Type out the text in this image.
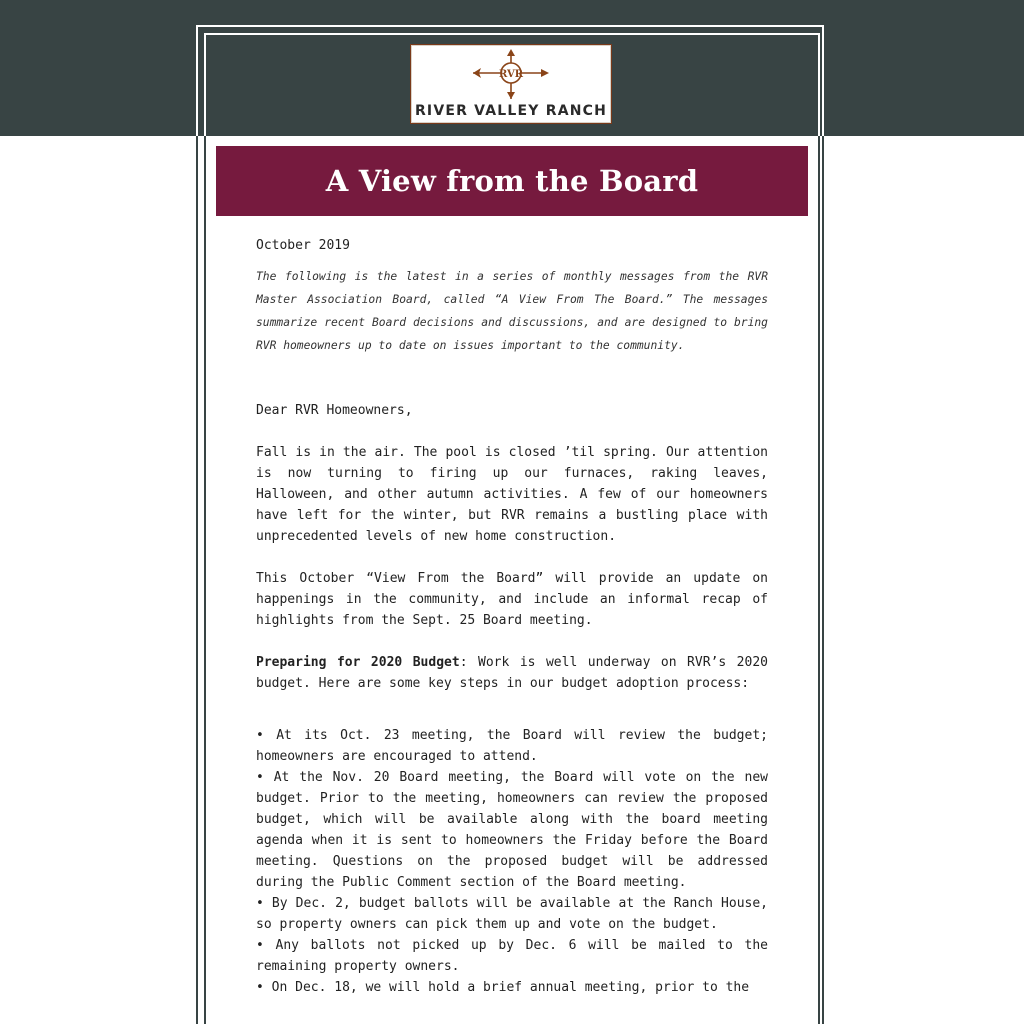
RVR
RIVER VALLEY RANCH
A View from the Board

October 2019

The following is the latest in a series of monthly messages from the RVR Master Association Board, called “A View From The Board.” The messages summarize recent Board decisions and discussions, and are designed to bring RVR homeowners up to date on issues important to the community.

Dear RVR Homeowners,

Fall is in the air. The pool is closed ’til spring. Our attention is now turning to firing up our furnaces, raking leaves, Halloween, and other autumn activities. A few of our homeowners have left for the winter, but RVR remains a bustling place with unprecedented levels of new home construction.

This October “View From the Board” will provide an update on happenings in the community, and include an informal recap of highlights from the Sept. 25 Board meeting.

Preparing for 2020 Budget: Work is well underway on RVR’s 2020 budget. Here are some key steps in our budget adoption process:

• At its Oct. 23 meeting, the Board will review the budget; homeowners are encouraged to attend.

• At the Nov. 20 Board meeting, the Board will vote on the new budget. Prior to the meeting, homeowners can review the proposed budget, which will be available along with the board meeting agenda when it is sent to homeowners the Friday before the Board meeting. Questions on the proposed budget will be addressed during the Public Comment section of the Board meeting.

• By Dec. 2, budget ballots will be available at the Ranch House, so property owners can pick them up and vote on the budget.

• Any ballots not picked up by Dec. 6 will be mailed to the remaining property owners.

• On Dec. 18, we will hold a brief annual meeting, prior to the
